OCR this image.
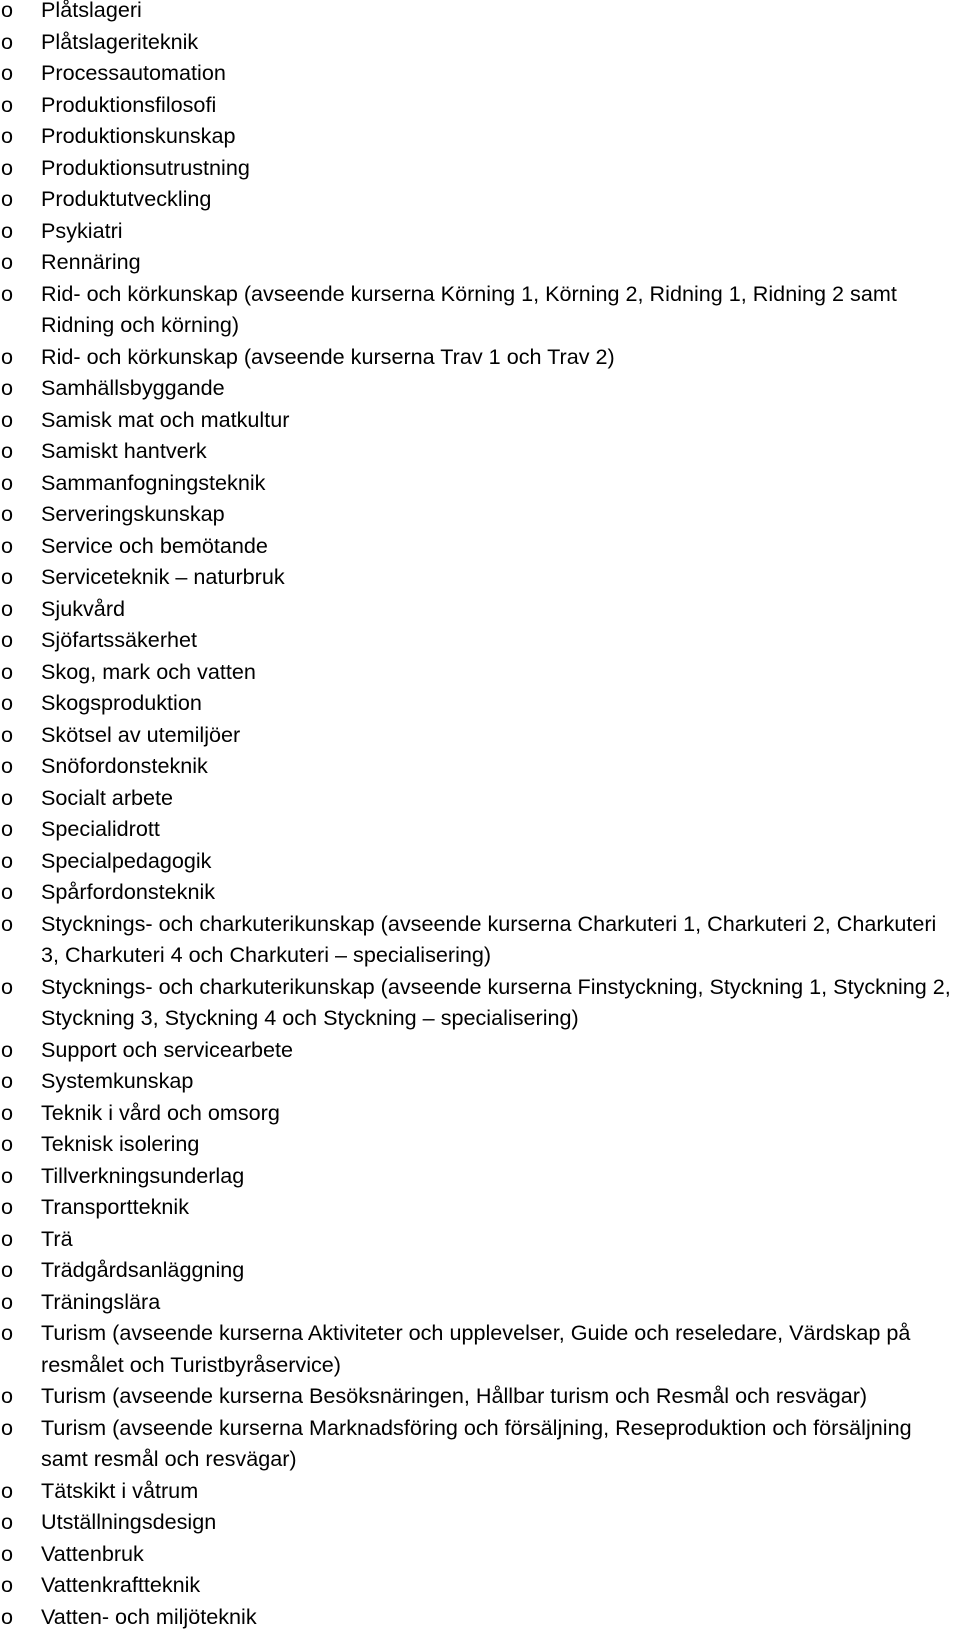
o Plåtslageri
o Plåtslageriteknik
o Processautomation
o Produktionsfilosofi
o Produktionskunskap
o Produktionsutrustning
o Produktutveckling
o Psykiatri
o Rennäring
o Rid- och körkunskap (avseende kurserna Körning 1, Körning 2, Ridning 1, Ridning 2 samt Ridning och körning)
o Rid- och körkunskap (avseende kurserna Trav 1 och Trav 2)
o Samhällsbyggande
o Samisk mat och matkultur
o Samiskt hantverk
o Sammanfogningsteknik
o Serveringskunskap
o Service och bemötande
o Serviceteknik – naturbruk
o Sjukvård
o Sjöfartssäkerhet
o Skog, mark och vatten
o Skogsproduktion
o Skötsel av utemiljöer
o Snöfordonsteknik
o Socialt arbete
o Specialidrott
o Specialpedagogik
o Spårfordonsteknik
o Stycknings- och charkuterikunskap (avseende kurserna Charkuteri 1, Charkuteri 2, Charkuteri 3, Charkuteri 4 och Charkuteri – specialisering)
o Stycknings- och charkuterikunskap (avseende kurserna Finstyckning, Styckning 1, Styckning 2, Styckning 3, Styckning 4 och Styckning – specialisering)
o Support och servicearbete
o Systemkunskap
o Teknik i vård och omsorg
o Teknisk isolering
o Tillverkningsunderlag
o Transportteknik
o Trä
o Trädgårdsanläggning
o Träningslära
o Turism (avseende kurserna Aktiviteter och upplevelser, Guide och reseledare, Värdskap på resmålet och Turistbyråservice)
o Turism (avseende kurserna Besöksnäringen, Hållbar turism och Resmål och resvägar)
o Turism (avseende kurserna Marknadsföring och försäljning, Reseproduktion och försäljning samt resmål och resvägar)
o Tätskikt i våtrum
o Utställningsdesign
o Vattenbruk
o Vattenkraftteknik
o Vatten- och miljöteknik
